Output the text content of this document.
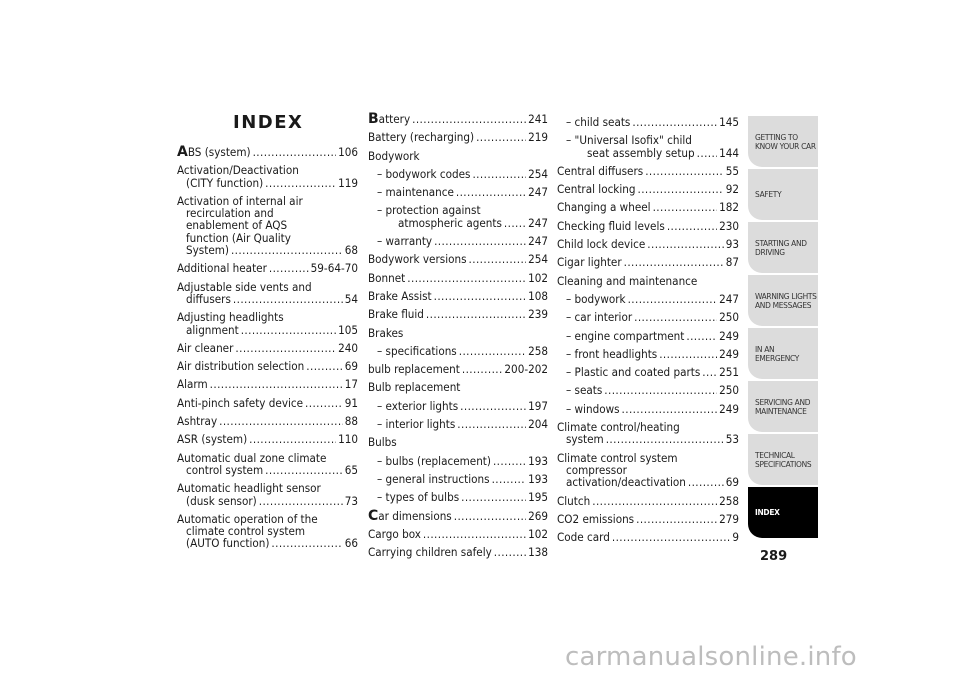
INDEX
ABS (system) .....	106
Activation/Deactivation
(CITY function) .....	119
Activation of internal air
recirculation and
enablement of AQS
function (Air Quality
System) .....	68
Additional heater .....	59-64-70
Adjustable side vents and
diffusers .....	54
Adjusting headlights
alignment .....	105
Air cleaner .....	240
Air distribution selection .....	69
Alarm .....	17
Anti-pinch safety device .....	91
Ashtray .....	88
ASR (system) .....	110
Automatic dual zone climate
control system .....	65
Automatic headlight sensor
(dusk sensor) .....	73
Automatic operation of the
climate control system
(AUTO function) .....	66
Battery .....	241
Battery (recharging) .....	219
Bodywork
– bodywork codes .....	254
– maintenance .....	247
– protection against
atmospheric agents ..... 247
– warranty .....	247
Bodywork versions .....	254
Bonnet .....	102
Brake Assist .....	108
Brake fluid .....	239
Brakes
– specifications .....	258
bulb replacement .....	200-202
Bulb replacement
– exterior lights .....	197
– interior lights .....	204
Bulbs
– bulbs (replacement) .....	193
– general instructions .....	193
– types of bulbs .....	195
Car dimensions .....	269
Cargo box .....	102
Carrying children safely .....	138
– child seats .....	145
– "Universal Isofix" child
seat assembly setup ..... 144
Central diffusers .....	55
Central locking .....	92
Changing a wheel .....	182
Checking fluid levels .....	230
Child lock device .....	93
Cigar lighter .....	87
Cleaning and maintenance
– bodywork .....	247
– car interior .....	250
– engine compartment .....	249
– front headlights .....	249
– Plastic and coated parts ..... 251
– seats .....	250
– windows .....	249
Climate control/heating
system .....	53
Climate control system
compressor
activation/deactivation .....	69
Clutch .....	258
CO2 emissions .....	279
Code card .....	9
GETTING TO KNOW YOUR CAR
SAFETY
STARTING AND DRIVING
WARNING LIGHTS AND MESSAGES
IN AN EMERGENCY
SERVICING AND MAINTENANCE
TECHNICAL SPECIFICATIONS
INDEX
289
carmanualsonline.info
